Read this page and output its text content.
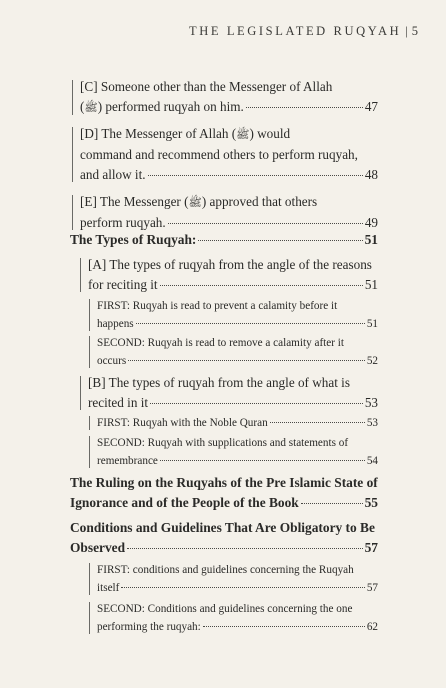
THE LEGISLATED RUQYAH | 5
[C] Someone other than the Messenger of Allah
( ﷺ ) performed ruqyah on him.	47
[D] The Messenger of Allah ( ﷺ ) would
command and recommend others to perform ruqyah,
and allow it.	48
[E] The Messenger ( ﷺ ) approved that others
perform ruqyah.	49
The Types of Ruqyah:	51
[A] The types of ruqyah from the angle of the reasons
for reciting it	51
FIRST: Ruqyah is read to prevent a calamity before it
happens	51
SECOND: Ruqyah is read to remove a calamity after it
occurs	52
[B] The types of ruqyah from the angle of what is
recited in it	53
FIRST: Ruqyah with the Noble Quran	53
SECOND: Ruqyah with supplications and statements of
remembrance	54
The Ruling on the Ruqyahs of the Pre Islamic State of
Ignorance and of the People of the Book	55
Conditions and Guidelines That Are Obligatory to Be
Observed	57
FIRST: conditions and guidelines concerning the Ruqyah
itself	57
SECOND: Conditions and guidelines concerning the one
performing the ruqyah:	62
